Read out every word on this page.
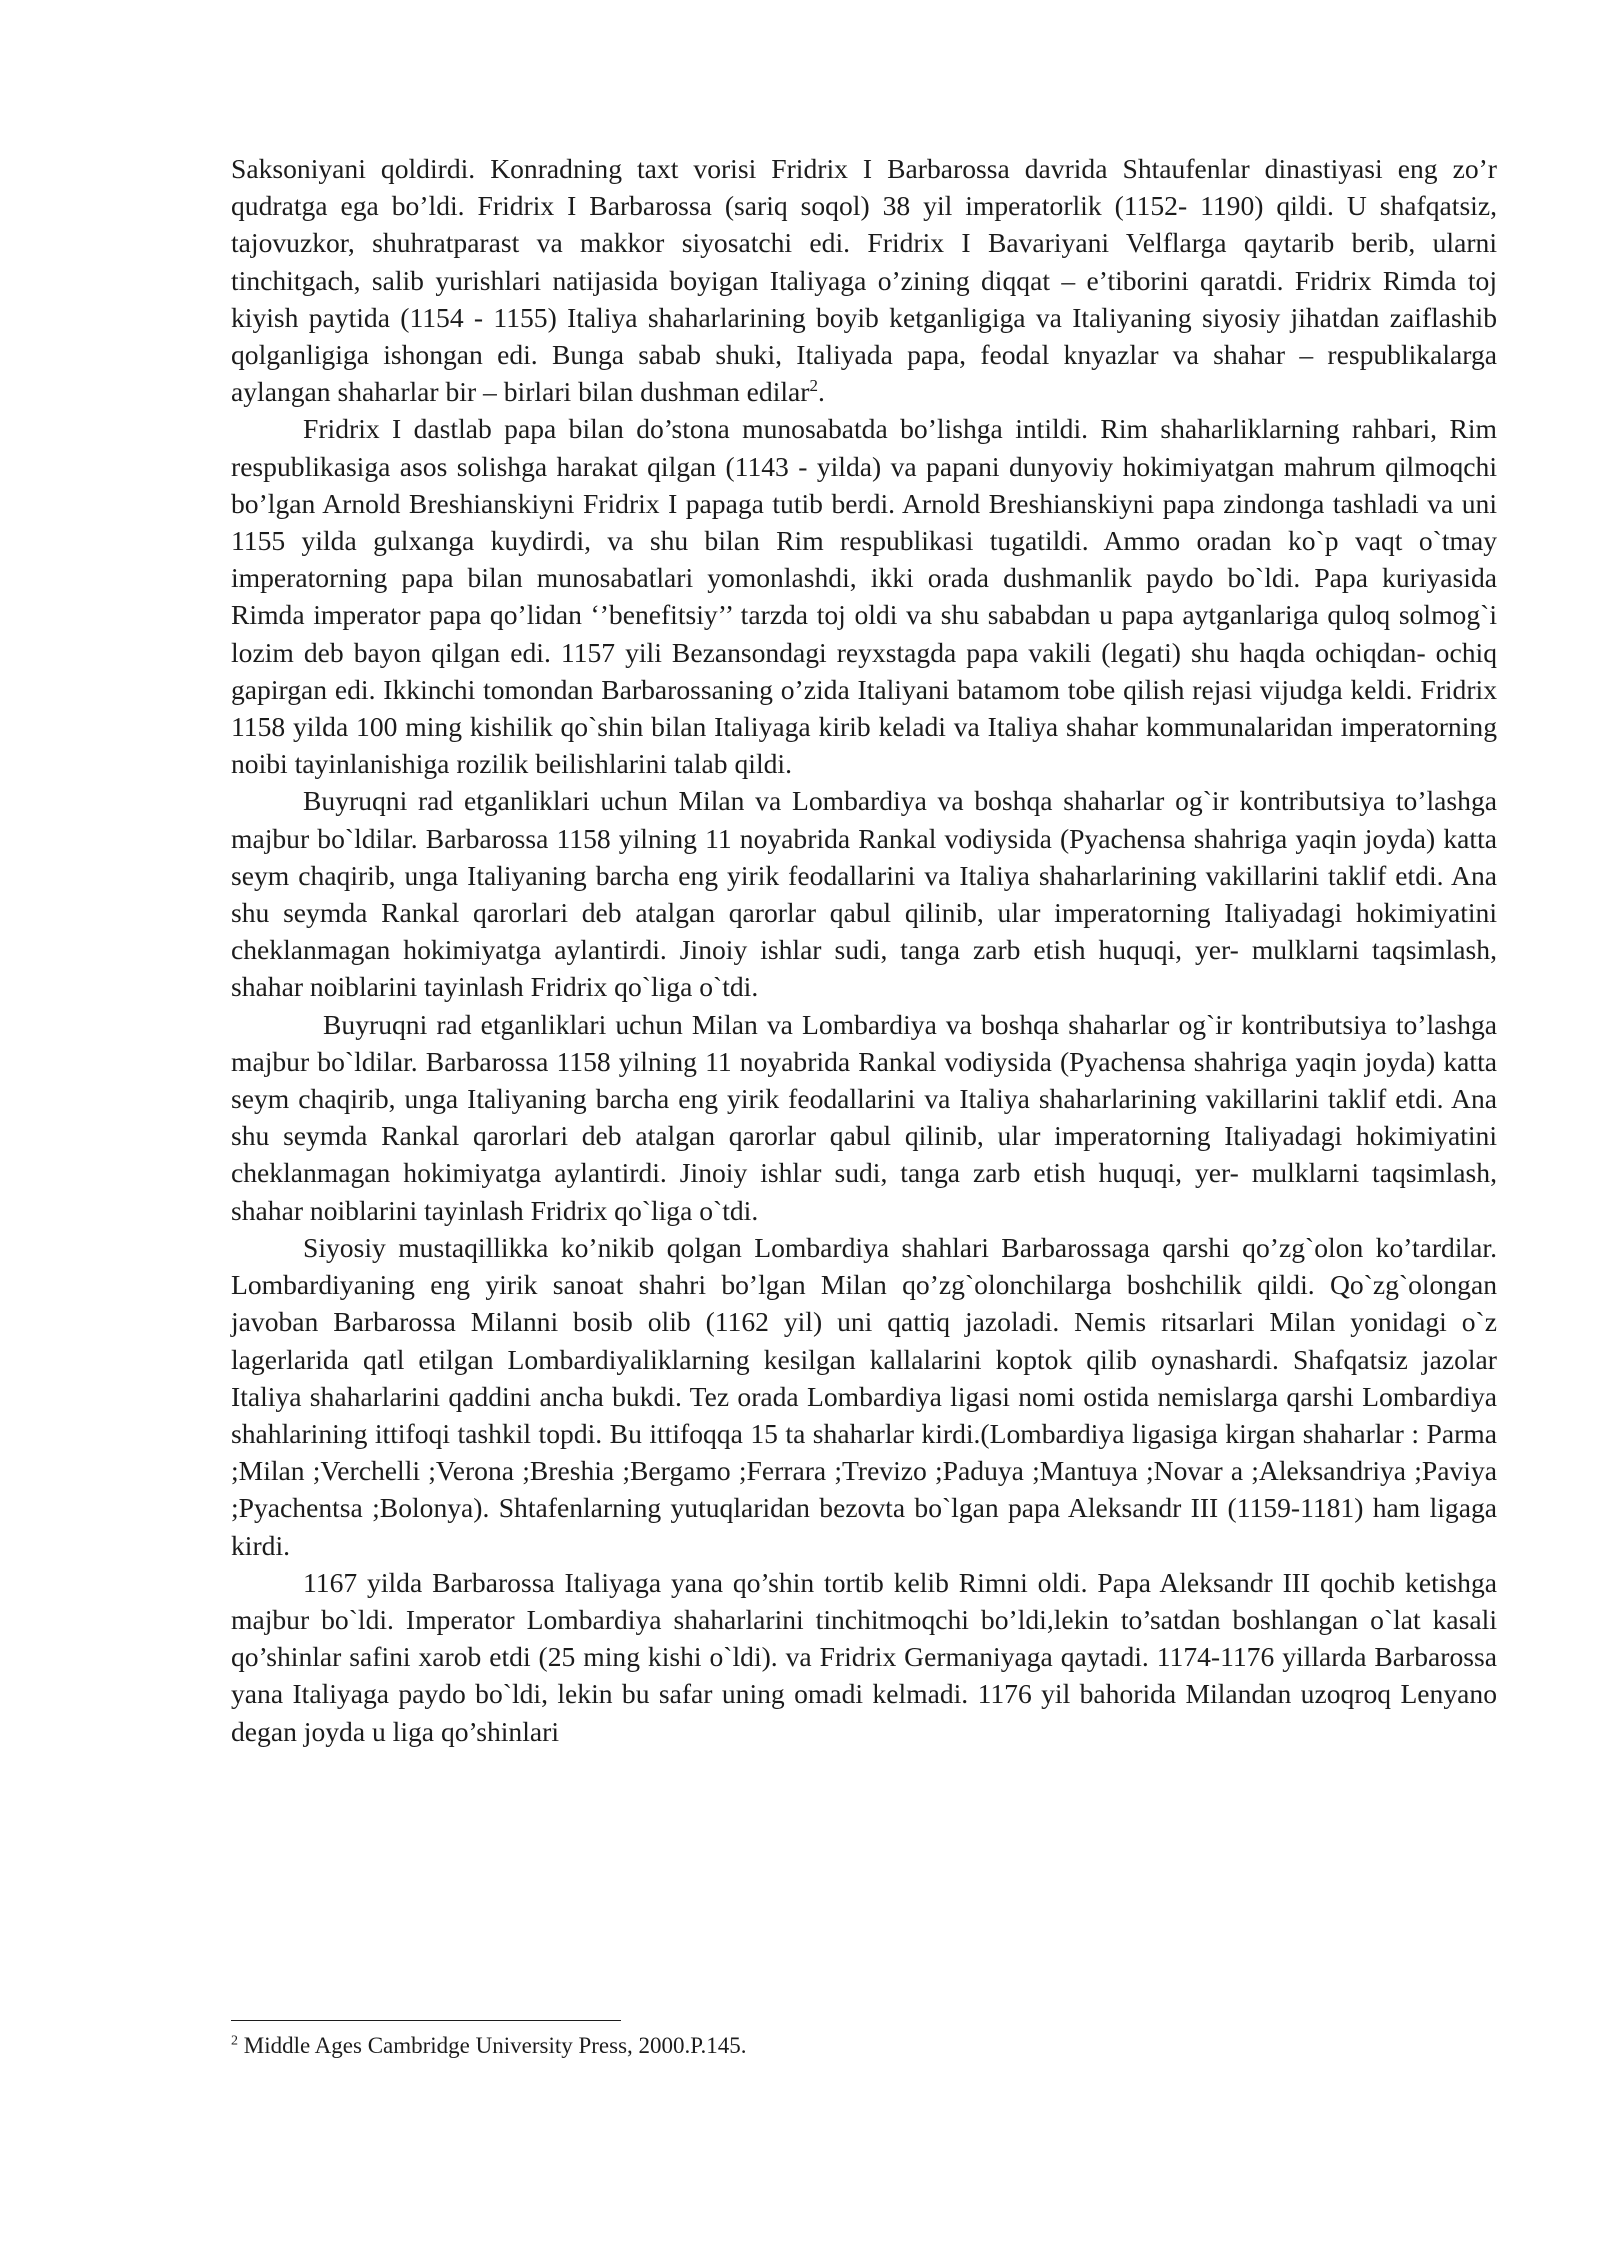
Saksoniyani qoldirdi. Konradning taxt vorisi Fridrix I Barbarossa davrida Shtaufenlar dinastiyasi eng zo’r qudratga ega bo’ldi. Fridrix I Barbarossa (sariq soqol) 38 yil imperatorlik (1152- 1190) qildi. U shafqatsiz, tajovuzkor, shuhratparast va makkor siyosatchi edi. Fridrix I Bavariyani Velflarga qaytarib berib, ularni tinchitgach, salib yurishlari natijasida boyigan Italiyaga o’zining diqqat – e’tiborini qaratdi. Fridrix Rimda toj kiyish paytida (1154 - 1155) Italiya shaharlarining boyib ketganligiga va Italiyaning siyosiy jihatdan zaiflashib qolganligiga ishongan edi. Bunga sabab shuki, Italiyada papa, feodal knyazlar va shahar – respublikalarga aylangan shaharlar bir – birlari bilan dushman edilar$^2$.

Fridrix I dastlab papa bilan do’stona munosabatda bo’lishga intildi. Rim shaharliklarning rahbari, Rim respublikasiga asos solishga harakat qilgan (1143 - yilda) va papani dunyoviy hokimiyatgan mahrum qilmoqchi bo’lgan Arnold Breshianskiyni Fridrix I papaga tutib berdi. Arnold Breshianskiyni papa zindonga tashladi va uni 1155 yilda gulxanga kuydirdi, va shu bilan Rim respublikasi tugatildi. Ammo oradan ko`p vaqt o`tmay imperatorning papa bilan munosabatlari yomonlashdi, ikki orada dushmanlik paydo bo`ldi. Papa kuriyasida Rimda imperator papa qo’lidan ‘’benefitsiy’’ tarzda toj oldi va shu sababdan u papa aytganlariga quloq solmog`i lozim deb bayon qilgan edi. 1157 yili Bezansondagi reyxstagda papa vakili (legati) shu haqda ochiqdan- ochiq gapirgan edi. Ikkinchi tomondan Barbarossaning o’zida Italiyani batamom tobe qilish rejasi vijudga keldi. Fridrix 1158 yilda 100 ming kishilik qo`shin bilan Italiyaga kirib keladi va Italiya shahar kommunalaridan imperatorning noibi tayinlanishiga rozilik beilishlarini talab qildi.

Buyruqni rad etganliklari uchun Milan va Lombardiya va boshqa shaharlar og`ir kontributsiya to’lashga majbur bo`ldilar. Barbarossa 1158 yilning 11 noyabrida Rankal vodiysida (Pyachensa shahriga yaqin joyda) katta seym chaqirib, unga Italiyaning barcha eng yirik feodallarini va Italiya shaharlarining vakillarini taklif etdi. Ana shu seymda Rankal qarorlari deb atalgan qarorlar qabul qilinib, ular imperatorning Italiyadagi hokimiyatini cheklanmagan hokimiyatga aylantirdi. Jinoiy ishlar sudi, tanga zarb etish huquqi, yer- mulklarni taqsimlash, shahar noiblarini tayinlash Fridrix qo`liga o`tdi.

Buyruqni rad etganliklari uchun Milan va Lombardiya va boshqa shaharlar og`ir kontributsiya to’lashga majbur bo`ldilar. Barbarossa 1158 yilning 11 noyabrida Rankal vodiysida (Pyachensa shahriga yaqin joyda) katta seym chaqirib, unga Italiyaning barcha eng yirik feodallarini va Italiya shaharlarining vakillarini taklif etdi. Ana shu seymda Rankal qarorlari deb atalgan qarorlar qabul qilinib, ular imperatorning Italiyadagi hokimiyatini cheklanmagan hokimiyatga aylantirdi. Jinoiy ishlar sudi, tanga zarb etish huquqi, yer- mulklarni taqsimlash, shahar noiblarini tayinlash Fridrix qo`liga o`tdi.

Siyosiy mustaqillikka ko’nikib qolgan Lombardiya shahlari Barbarossaga qarshi qo’zg`olon ko’tardilar. Lombardiyaning eng yirik sanoat shahri bo’lgan Milan qo’zg`olonchilarga boshchilik qildi. Qo`zg`olongan javoban Barbarossa Milanni bosib olib (1162 yil) uni qattiq jazoladi. Nemis ritsarlari Milan yonidagi o`z lagerlarida qatl etilgan Lombardiyaliklarning kesilgan kallalarini koptok qilib oynashardi. Shafqatsiz jazolar Italiya shaharlarini qaddini ancha bukdi. Tez orada Lombardiya ligasi nomi ostida nemislarga qarshi Lombardiya shahlarining ittifoqi tashkil topdi. Bu ittifoqqa 15 ta shaharlar kirdi.(Lombardiya ligasiga kirgan shaharlar : Parma ;Milan ;Verchelli ;Verona ;Breshia ;Bergamo ;Ferrara ;Trevizo ;Paduya ;Mantuya ;Novar a ;Aleksandriya ;Paviya ;Pyachentsa ;Bolonya). Shtafenlarning yutuqlaridan bezovta bo`lgan papa Aleksandr III (1159-1181) ham ligaga kirdi.

1167 yilda Barbarossa Italiyaga yana qo’shin tortib kelib Rimni oldi. Papa Aleksandr III qochib ketishga majbur bo`ldi. Imperator Lombardiya shaharlarini tinchitmoqchi bo’ldi,lekin to’satdan boshlangan o`lat kasali qo’shinlar safini xarob etdi (25 ming kishi o`ldi). va Fridrix Germaniyaga qaytadi. 1174-1176 yillarda Barbarossa yana Italiyaga paydo bo`ldi, lekin bu safar uning omadi kelmadi. 1176 yil bahorida Milandan uzoqroq Lenyano degan joyda u liga qo’shinlari

$^2$ Middle Ages Cambridge University Press, 2000.P.145.
